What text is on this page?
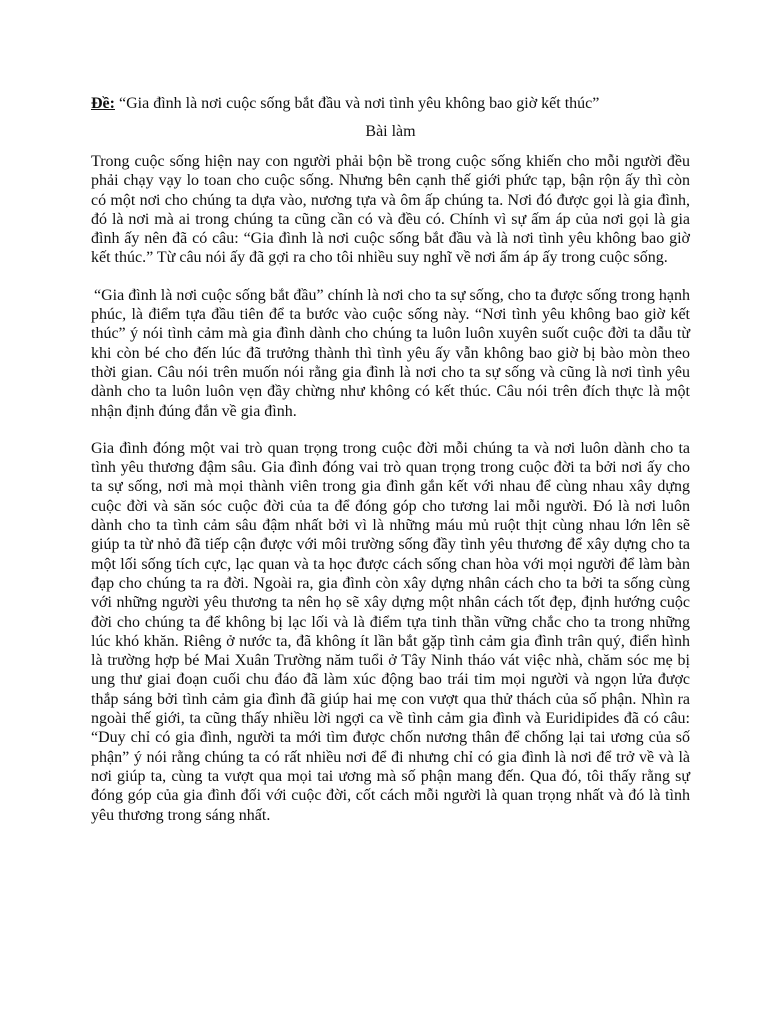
Đề: “Gia đình là nơi cuộc sống bắt đầu và nơi tình yêu không bao giờ kết thúc”

Bài làm

Trong cuộc sống hiện nay con người phải bộn bề trong cuộc sống khiến cho mỗi người đều phải chạy vạy lo toan cho cuộc sống. Nhưng bên cạnh thế giới phức tạp, bận rộn ấy thì còn có một nơi cho chúng ta dựa vào, nương tựa và ôm ấp chúng ta. Nơi đó được gọi là gia đình, đó là nơi mà ai trong chúng ta cũng cần có và đều có. Chính vì sự ấm áp của nơi gọi là gia đình ấy nên đã có câu: “Gia đình là nơi cuộc sống bắt đầu và là nơi tình yêu không bao giờ kết thúc.” Từ câu nói ấy đã gợi ra cho tôi nhiều suy nghĩ về nơi ấm áp ấy trong cuộc sống.

“Gia đình là nơi cuộc sống bắt đầu” chính là nơi cho ta sự sống, cho ta được sống trong hạnh phúc, là điểm tựa đầu tiên để ta bước vào cuộc sống này. “Nơi tình yêu không bao giờ kết thúc” ý nói tình cảm mà gia đình dành cho chúng ta luôn luôn xuyên suốt cuộc đời ta dẫu từ khi còn bé cho đến lúc đã trưởng thành thì tình yêu ấy vẫn không bao giờ bị bào mòn theo thời gian. Câu nói trên muốn nói rằng gia đình là nơi cho ta sự sống và cũng là nơi tình yêu dành cho ta luôn luôn vẹn đầy chừng như không có kết thúc. Câu nói trên đích thực là một nhận định đúng đắn về gia đình.

Gia đình đóng một vai trò quan trọng trong cuộc đời mỗi chúng ta và nơi luôn dành cho ta tình yêu thương đậm sâu. Gia đình đóng vai trò quan trọng trong cuộc đời ta bởi nơi ấy cho ta sự sống, nơi mà mọi thành viên trong gia đình gắn kết với nhau để cùng nhau xây dựng cuộc đời và săn sóc cuộc đời của ta để đóng góp cho tương lai mỗi người. Đó là nơi luôn dành cho ta tình cảm sâu đậm nhất bởi vì là những máu mủ ruột thịt cùng nhau lớn lên sẽ giúp ta từ nhỏ đã tiếp cận được với môi trường sống đầy tình yêu thương để xây dựng cho ta một lối sống tích cực, lạc quan và ta học được cách sống chan hòa với mọi người để làm bàn đạp cho chúng ta ra đời. Ngoài ra, gia đình còn xây dựng nhân cách cho ta bởi ta sống cùng với những người yêu thương ta nên họ sẽ xây dựng một nhân cách tốt đẹp, định hướng cuộc đời cho chúng ta để không bị lạc lối và là điểm tựa tinh thần vững chắc cho ta trong những lúc khó khăn. Riêng ở nước ta, đã không ít lần bắt gặp tình cảm gia đình trân quý, điển hình là trường hợp bé Mai Xuân Trường năm tuổi ở Tây Ninh tháo vát việc nhà, chăm sóc mẹ bị ung thư giai đoạn cuối chu đáo đã làm xúc động bao trái tim mọi người và ngọn lửa được thắp sáng bởi tình cảm gia đình đã giúp hai mẹ con vượt qua thử thách của số phận. Nhìn ra ngoài thế giới, ta cũng thấy nhiều lời ngợi ca về tình cảm gia đình và Euridipides đã có câu: “Duy chỉ có gia đình, người ta mới tìm được chốn nương thân để chống lại tai ương của số phận” ý nói rằng chúng ta có rất nhiều nơi để đi nhưng chỉ có gia đình là nơi để trở về và là nơi giúp ta, cùng ta vượt qua mọi tai ương mà số phận mang đến. Qua đó, tôi thấy rằng sự đóng góp của gia đình đối với cuộc đời, cốt cách mỗi người là quan trọng nhất và đó là tình yêu thương trong sáng nhất.
